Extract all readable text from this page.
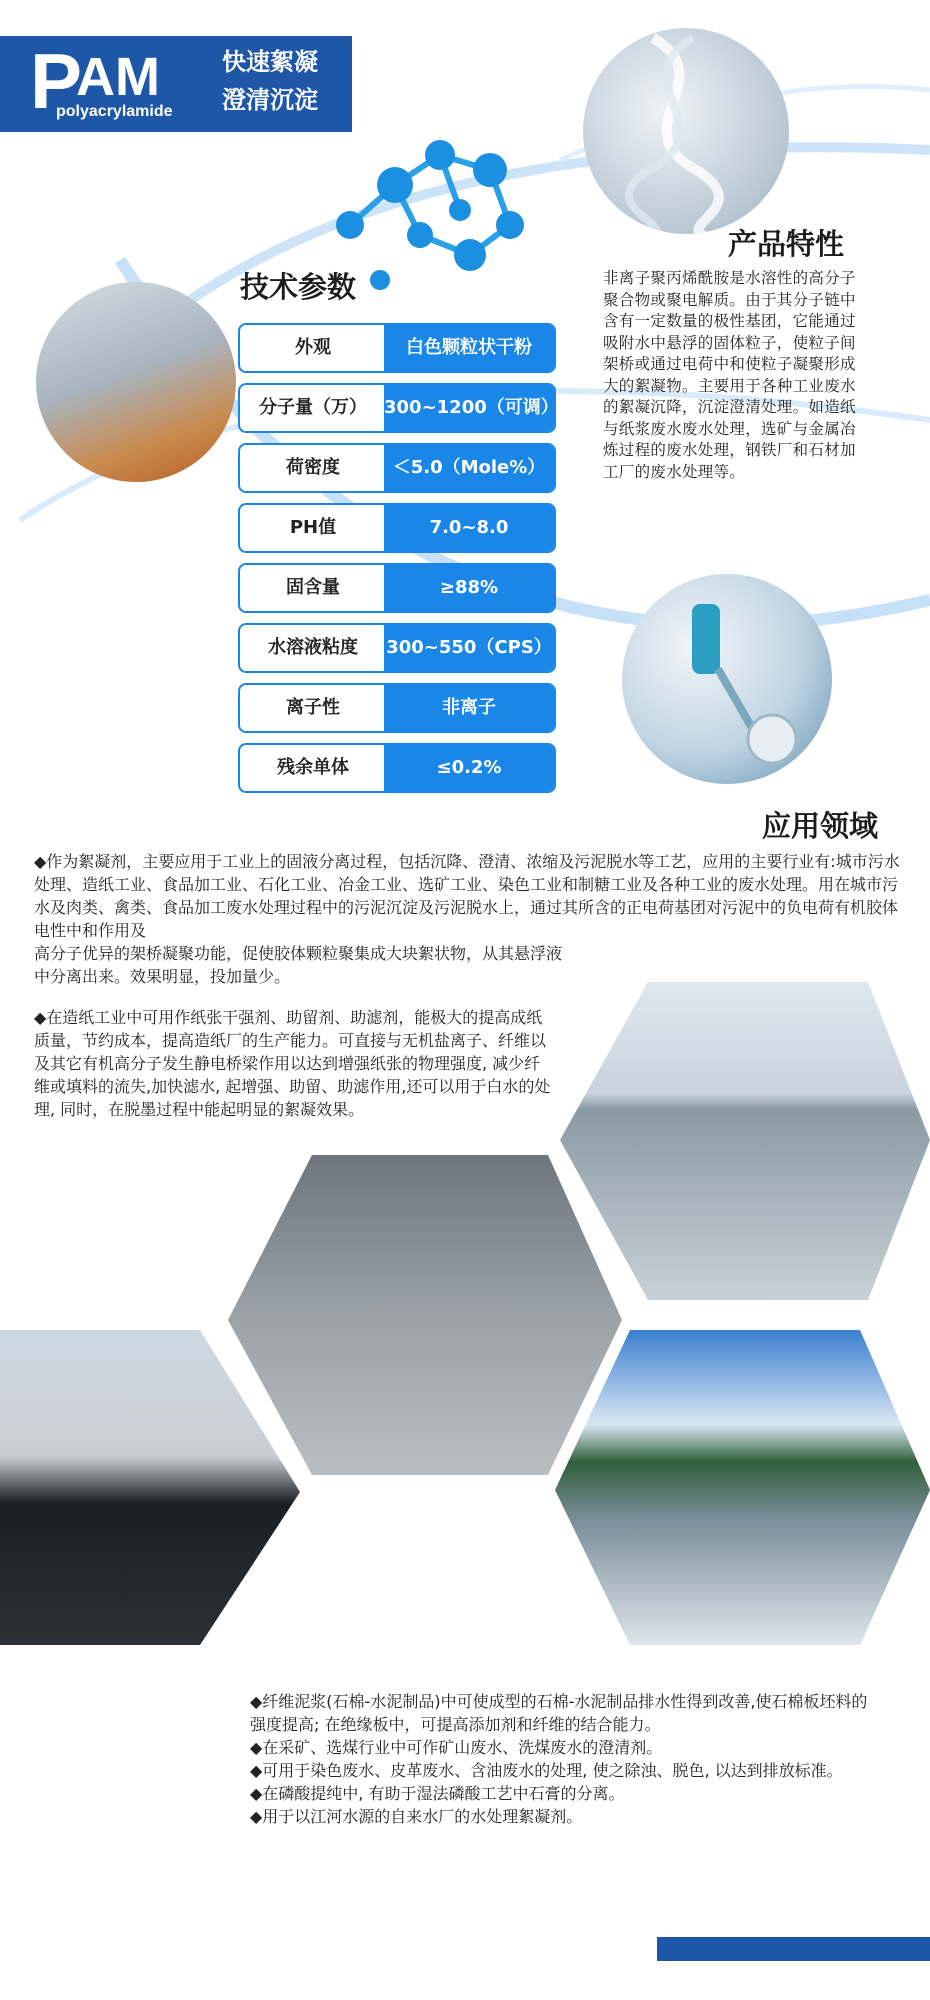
P
AM
polyacrylamide
快速絮凝
澄清沉淀
技术参数
产品特性
应用领域
外观	白色颗粒状干粉
分子量（万） 300~1200（可调）
荷密度	＜5.0（Mole%）
PH值	7.0~8.0
固含量	≥88%
水溶液粘度	300~550（CPS）
离子性	非离子
残余单体	≤0.2%
非离子聚丙烯酰胺是水溶性的高分子聚合物或聚电解质。由于其分子链中含有一定数量的极性基团，它能通过吸附水中悬浮的固体粒子，使粒子间架桥或通过电荷中和使粒子凝聚形成大的絮凝物。主要用于各种工业废水的絮凝沉降，沉淀澄清处理。如造纸与纸浆废水废水处理，选矿与金属冶炼过程的废水处理，钢铁厂和石材加工厂的废水处理等。

◆作为絮凝剂，主要应用于工业上的固液分离过程，包括沉降、澄清、浓缩及污泥脱水等工艺，应用的主要行业有:城市污水处理、造纸工业、食品加工业、石化工业、冶金工业、选矿工业、染色工业和制糖工业及各种工业的废水处理。用在城市污水及肉类、禽类、食品加工废水处理过程中的污泥沉淀及污泥脱水上，通过其所含的正电荷基团对污泥中的负电荷有机胶体电性中和作用及

高分子优异的架桥凝聚功能，促使胶体颗粒聚集成大块絮状物，从其悬浮液中分离出来。效果明显，投加量少。

◆在造纸工业中可用作纸张干强剂、助留剂、助滤剂，能极大的提高成纸质量，节约成本，提高造纸厂的生产能力。可直接与无机盐离子、纤维以及其它有机高分子发生静电桥梁作用以达到增强纸张的物理强度, 减少纤维或填料的流失,加快滤水, 起增强、助留、助滤作用,还可以用于白水的处理, 同时，在脱墨过程中能起明显的絮凝效果。

◆纤维泥浆(石棉-水泥制品)中可使成型的石棉-水泥制品排水性得到改善,使石棉板坯料的强度提高; 在绝缘板中，可提高添加剂和纤维的结合能力。

◆在采矿、选煤行业中可作矿山废水、洗煤废水的澄清剂。

◆可用于染色废水、皮革废水、含油废水的处理, 使之除浊、脱色, 以达到排放标准。

◆在磷酸提纯中, 有助于湿法磷酸工艺中石膏的分离。

◆用于以江河水源的自来水厂的水处理絮凝剂。
